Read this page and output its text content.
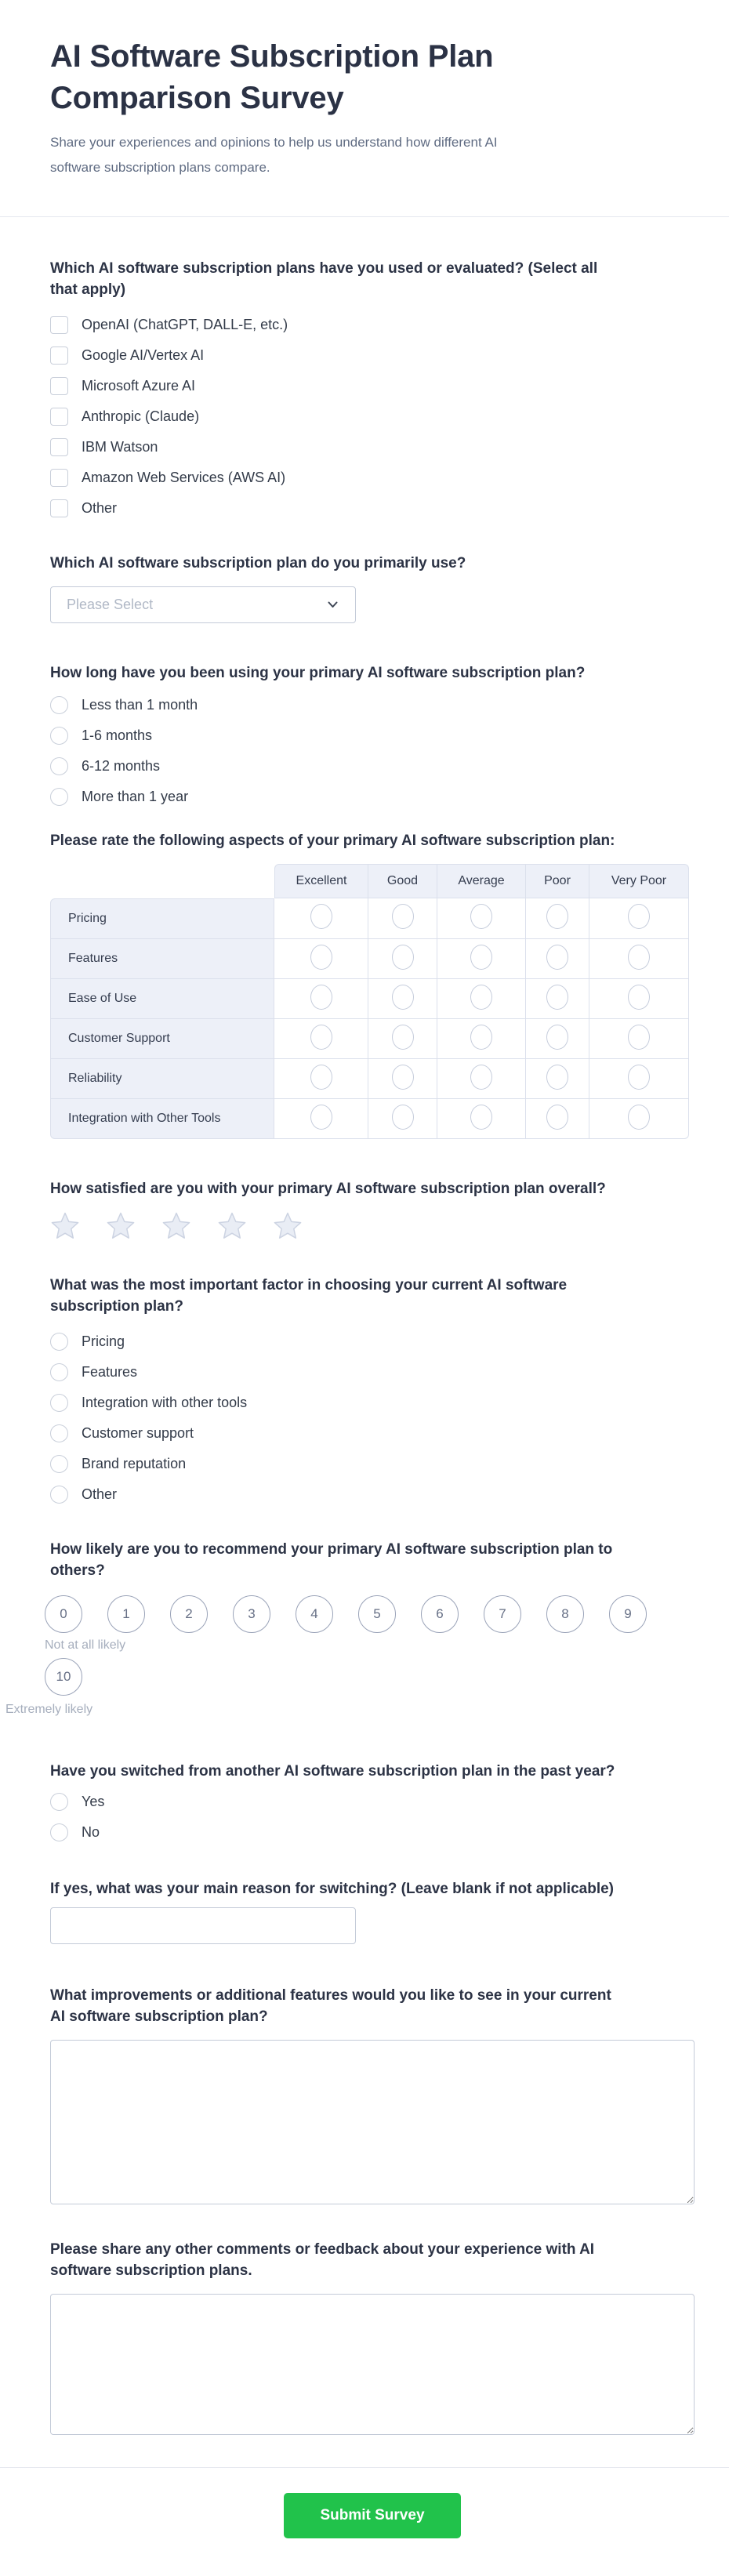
AI Software Subscription Plan Comparison Survey
Share your experiences and opinions to help us understand how different AI software subscription plans compare.
Which AI software subscription plans have you used or evaluated? (Select all that apply)
OpenAI (ChatGPT, DALL-E, etc.)
Google AI/Vertex AI
Microsoft Azure AI
Anthropic (Claude)
IBM Watson
Amazon Web Services (AWS AI)
Other
Which AI software subscription plan do you primarily use?
Please Select
How long have you been using your primary AI software subscription plan?
Less than 1 month
1-6 months
6-12 months
More than 1 year
Please rate the following aspects of your primary AI software subscription plan:
	Excellent	Good	Average	Poor	Very Poor
Pricing					
Features					
Ease of Use					
Customer Support					
Reliability					
Integration with Other Tools					
How satisfied are you with your primary AI software subscription plan overall?
What was the most important factor in choosing your current AI software subscription plan?
Pricing
Features
Integration with other tools
Customer support
Brand reputation
Other
How likely are you to recommend your primary AI software subscription plan to others?
0	1	2	3	4	5	6	7	8	9
Not at all likely
10
Extremely likely
Have you switched from another AI software subscription plan in the past year?
Yes
No
If yes, what was your main reason for switching? (Leave blank if not applicable)
What improvements or additional features would you like to see in your current AI software subscription plan?
Please share any other comments or feedback about your experience with AI software subscription plans.
Submit Survey
